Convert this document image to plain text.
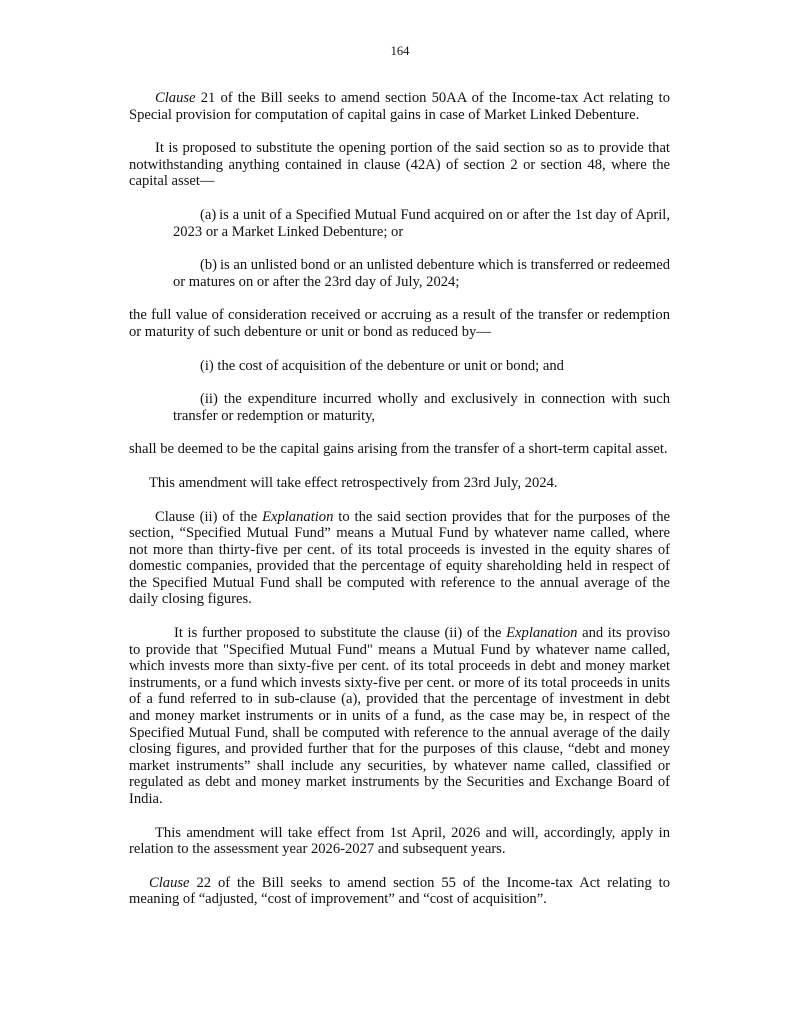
164

Clause 21 of the Bill seeks to amend section 50AA of the Income-tax Act relating to Special provision for computation of capital gains in case of Market Linked Debenture.

It is proposed to substitute the opening portion of the said section so as to provide that notwithstanding anything contained in clause (42A) of section 2 or section 48, where the capital asset—

(a) is a unit of a Specified Mutual Fund acquired on or after the 1st day of April, 2023 or a Market Linked Debenture; or

(b) is an unlisted bond or an unlisted debenture which is transferred or redeemed or matures on or after the 23rd day of July, 2024;

the full value of consideration received or accruing as a result of the transfer or redemption or maturity of such debenture or unit or bond as reduced by—

(i) the cost of acquisition of the debenture or unit or bond; and

(ii) the expenditure incurred wholly and exclusively in connection with such transfer or redemption or maturity,

shall be deemed to be the capital gains arising from the transfer of a short-term capital asset.

This amendment will take effect retrospectively from 23rd July, 2024.

Clause (ii) of the Explanation to the said section provides that for the purposes of the section, “Specified Mutual Fund” means a Mutual Fund by whatever name called, where not more than thirty-five per cent. of its total proceeds is invested in the equity shares of domestic companies, provided that the percentage of equity shareholding held in respect of the Specified Mutual Fund shall be computed with reference to the annual average of the daily closing figures.

It is further proposed to substitute the clause (ii) of the Explanation and its proviso to provide that "Specified Mutual Fund" means a Mutual Fund by whatever name called, which invests more than sixty-five per cent. of its total proceeds in debt and money market instruments, or a fund which invests sixty-five per cent. or more of its total proceeds in units of a fund referred to in sub-clause (a), provided that the percentage of investment in debt and money market instruments or in units of a fund, as the case may be, in respect of the Specified Mutual Fund, shall be computed with reference to the annual average of the daily closing figures, and provided further that for the purposes of this clause, “debt and money market instruments” shall include any securities, by whatever name called, classified or regulated as debt and money market instruments by the Securities and Exchange Board of India.

This amendment will take effect from 1st April, 2026 and will, accordingly, apply in relation to the assessment year 2026-2027 and subsequent years.

Clause 22 of the Bill seeks to amend section 55 of the Income-tax Act relating to meaning of “adjusted, “cost of improvement” and “cost of acquisition”.
